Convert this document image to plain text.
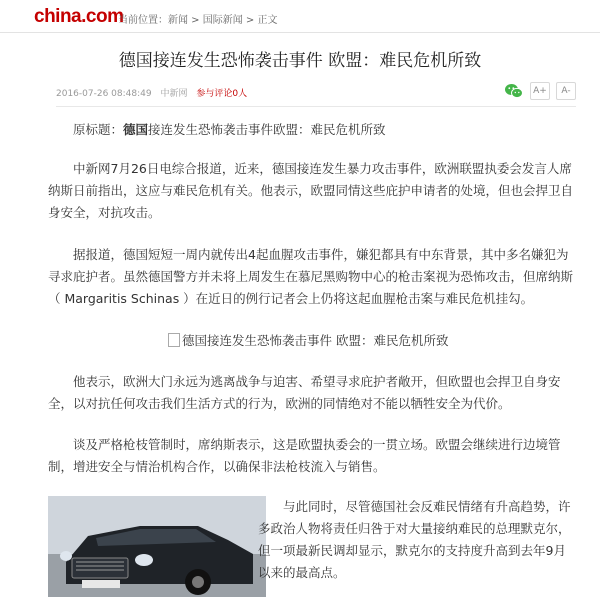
china.com
当前位置：新闻 > 国际新闻 > 正文
德国接连发生恐怖袭击事件 欧盟：难民危机所致
2016-07-26 08:48:49 中新网 参与评论0人	A+	A-
原标题：德国接连发生恐怖袭击事件欧盟：难民危机所致
中新网7月26日电综合报道，近来，德国接连发生暴力攻击事件，欧洲联盟执委会发言人席纳斯日前指出，这应与难民危机有关。他表示，欧盟同情这些庇护申请者的处境，但也会捍卫自身安全，对抗攻击。
据报道，德国短短一周内就传出4起血腥攻击事件，嫌犯都具有中东背景，其中多名嫌犯为寻求庇护者。虽然德国警方并未将上周发生在慕尼黑购物中心的枪击案视为恐怖攻击，但席纳斯（ Margaritis Schinas ）在近日的例行记者会上仍将这起血腥枪击案与难民危机挂勾。
德国接连发生恐怖袭击事件 欧盟：难民危机所致
他表示，欧洲大门永远为逃离战争与迫害、希望寻求庇护者敞开，但欧盟也会捍卫自身安全，以对抗任何攻击我们生活方式的行为，欧洲的同情绝对不能以牺牲安全为代价。
谈及严格枪枝管制时，席纳斯表示，这是欧盟执委会的一贯立场。欧盟会继续进行边境管制，增进安全与情治机构合作，以确保非法枪枝流入与销售。
与此同时，尽管德国社会反难民情绪有升高趋势，许多政治人物将责任归咎于对大量接纳难民的总理默克尔，但一项最新民调却显示，默克尔的支持度升高到去年9月以来的最高点。
